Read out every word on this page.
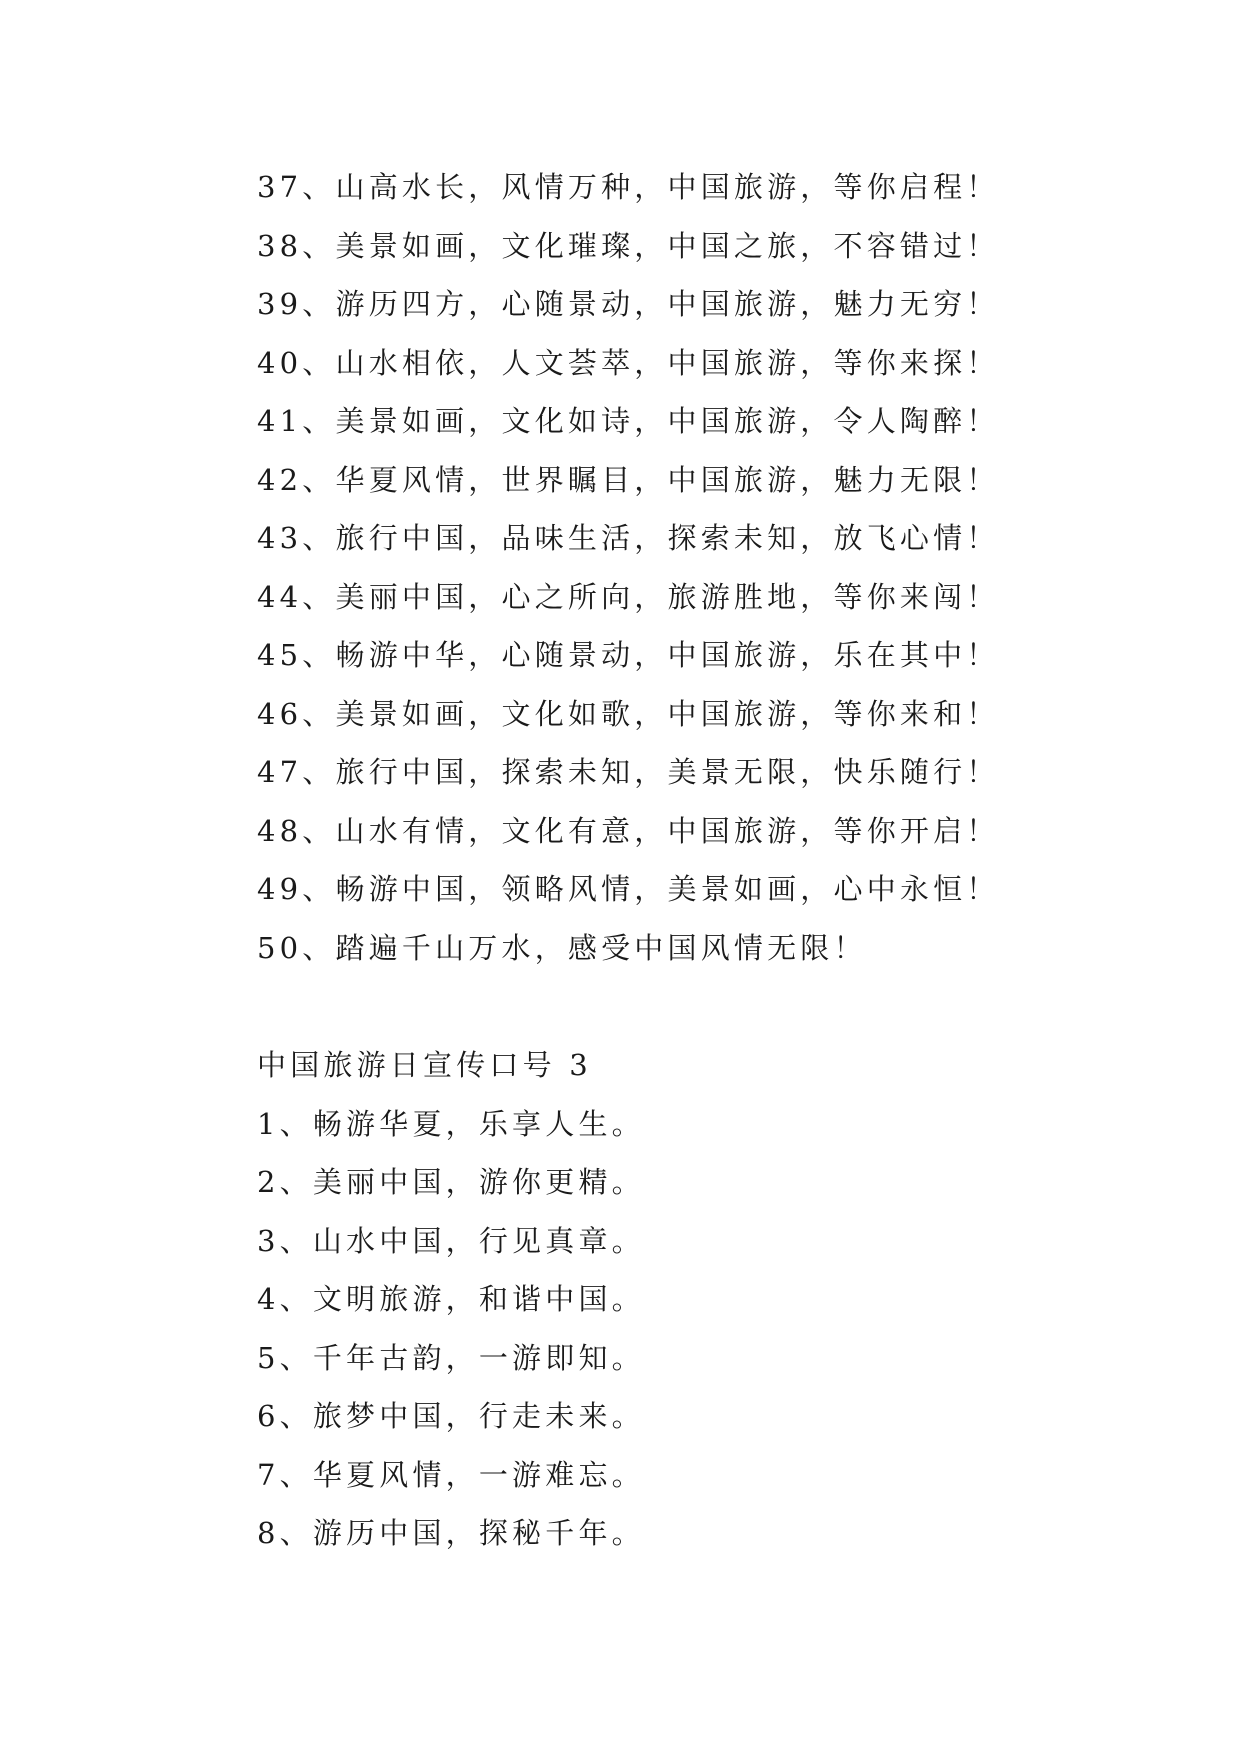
37、山高水长，风情万种，中国旅游，等你启程！
38、美景如画，文化璀璨，中国之旅，不容错过！
39、游历四方，心随景动，中国旅游，魅力无穷！
40、山水相依，人文荟萃，中国旅游，等你来探！
41、美景如画，文化如诗，中国旅游，令人陶醉！
42、华夏风情，世界瞩目，中国旅游，魅力无限！
43、旅行中国，品味生活，探索未知，放飞心情！
44、美丽中国，心之所向，旅游胜地，等你来闯！
45、畅游中华，心随景动，中国旅游，乐在其中！
46、美景如画，文化如歌，中国旅游，等你来和！
47、旅行中国，探索未知，美景无限，快乐随行！
48、山水有情，文化有意，中国旅游，等你开启！
49、畅游中国，领略风情，美景如画，心中永恒！
50、踏遍千山万水，感受中国风情无限！
中国旅游日宣传口号 3
1、畅游华夏，乐享人生。
2、美丽中国，游你更精。
3、山水中国，行见真章。
4、文明旅游，和谐中国。
5、千年古韵，一游即知。
6、旅梦中国，行走未来。
7、华夏风情，一游难忘。
8、游历中国，探秘千年。
